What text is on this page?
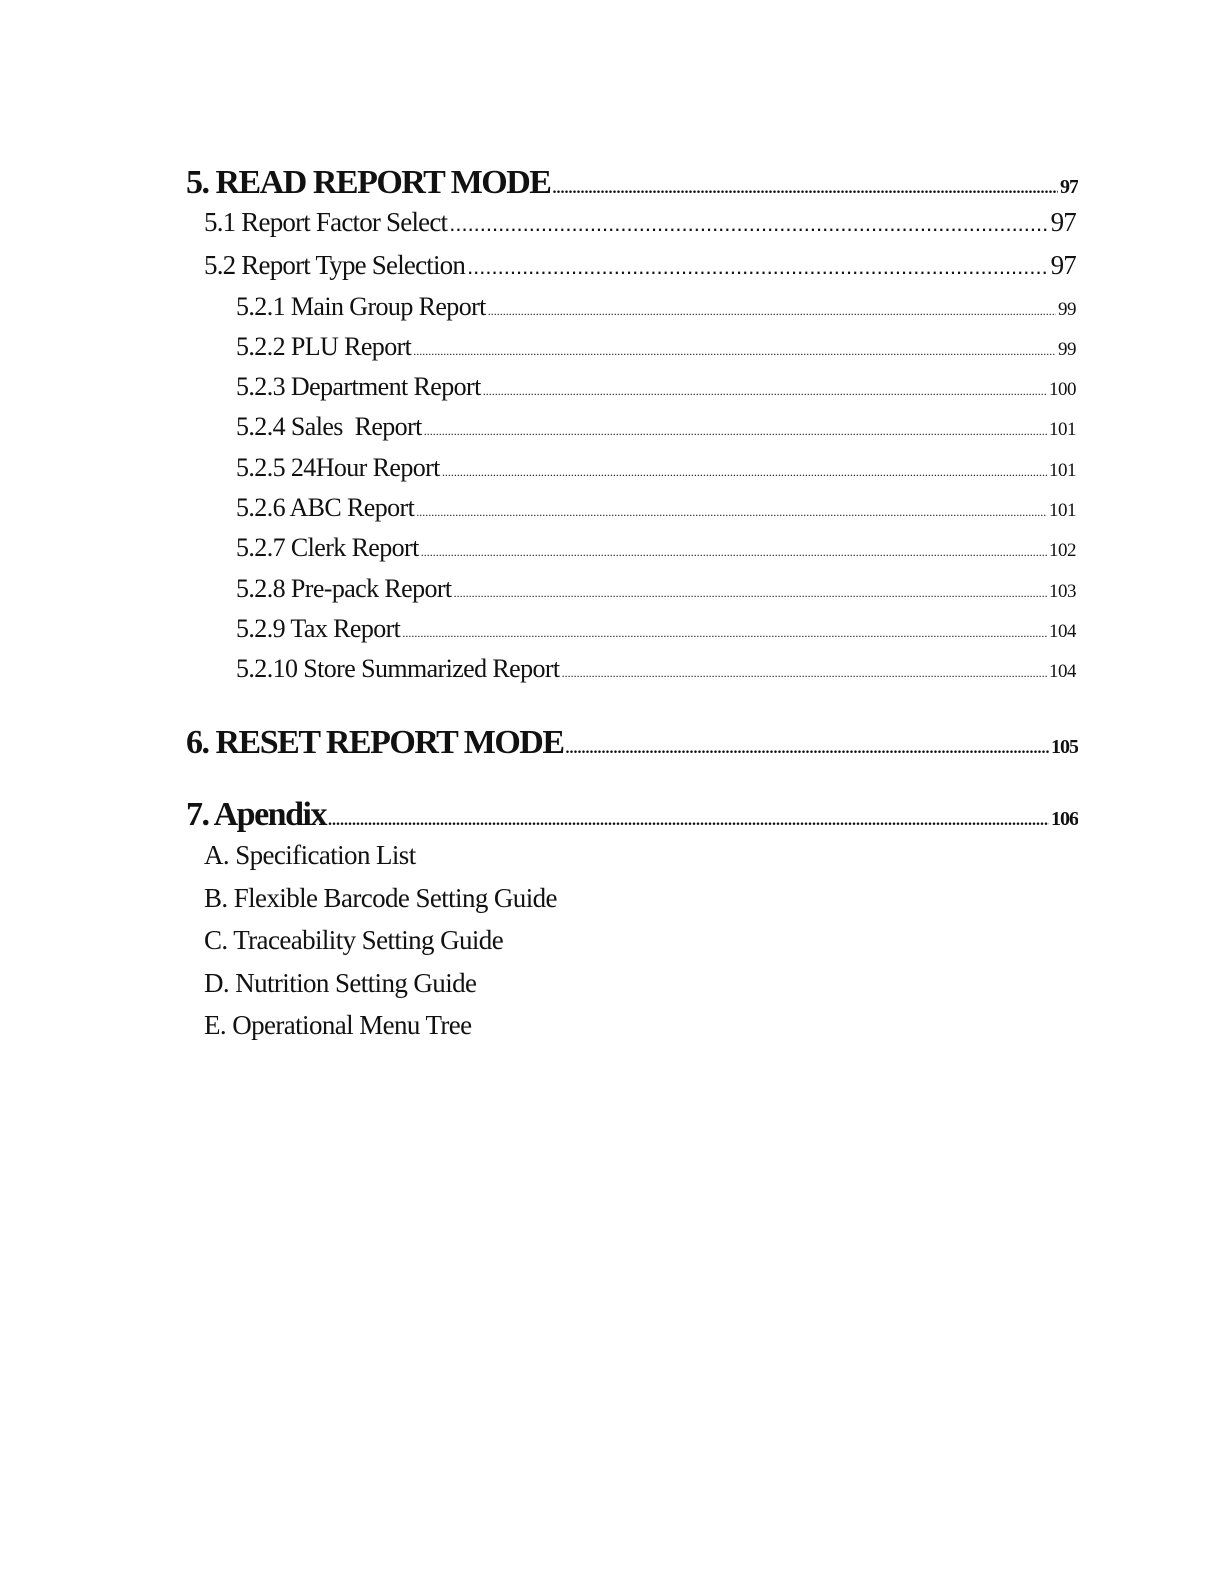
5. READ REPORT MODE .....	97
5.1 Report Factor Select .....	97
5.2 Report Type Selection .....	97
5.2.1 Main Group Report .....	99
5.2.2 PLU Report .....	99
5.2.3 Department Report .....	100
5.2.4 Sales  Report .....	101
5.2.5 24Hour Report .....	101
5.2.6 ABC Report .....	101
5.2.7 Clerk Report .....	102
5.2.8 Pre-pack Report .....	103
5.2.9 Tax Report .....	104
5.2.10 Store Summarized Report .....	104
6. RESET REPORT MODE .....	105
7. Apendix .....	106
A. Specification List
B. Flexible Barcode Setting Guide
C. Traceability Setting Guide
D. Nutrition Setting Guide
E. Operational Menu Tree
